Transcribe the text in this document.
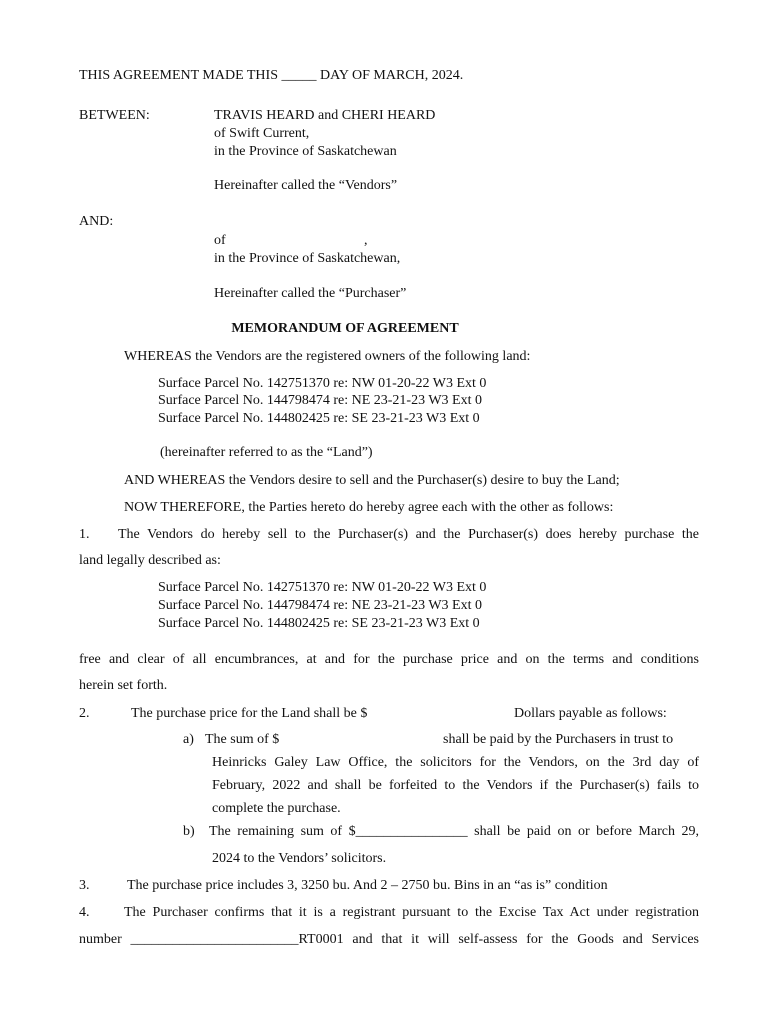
THIS AGREEMENT MADE THIS _____ DAY OF MARCH, 2024.
BETWEEN:	TRAVIS HEARD and CHERI HEARD
of Swift Current,
in the Province of Saskatchewan
Hereinafter called the “Vendors”
AND:
of	,
in the Province of Saskatchewan,
Hereinafter called the “Purchaser”
MEMORANDUM OF AGREEMENT
WHEREAS the Vendors are the registered owners of the following land:
Surface Parcel No. 142751370 re: NW 01-20-22 W3 Ext 0
Surface Parcel No. 144798474 re: NE 23-21-23 W3 Ext 0
Surface Parcel No. 144802425 re: SE 23-21-23 W3 Ext 0
(hereinafter referred to as the “Land”)
AND WHEREAS the Vendors desire to sell and the Purchaser(s) desire to buy the Land;
NOW THEREFORE, the Parties hereto do hereby agree each with the other as follows:
1. The Vendors do hereby sell to the Purchaser(s) and the Purchaser(s) does hereby purchase the
land legally described as:
Surface Parcel No. 142751370 re: NW 01-20-22 W3 Ext 0
Surface Parcel No. 144798474 re: NE 23-21-23 W3 Ext 0
Surface Parcel No. 144802425 re: SE 23-21-23 W3 Ext 0
free and clear of all encumbrances, at and for the purchase price and on the terms and conditions
herein set forth.
2.	The purchase price for the Land shall be $	Dollars payable as follows:
a) The sum of $	shall be paid by the Purchasers in trust to
Heinricks Galey Law Office, the solicitors for the Vendors, on the 3rd day of
February, 2022 and shall be forfeited to the Vendors if the Purchaser(s) fails to
complete the purchase.
b) The remaining sum of $________________ shall be paid on or before March 29,
2024 to the Vendors’ solicitors.
3.	The purchase price includes 3, 3250 bu. And 2 – 2750 bu. Bins in an “as is” condition
4. The Purchaser confirms that it is a registrant pursuant to the Excise Tax Act under registration
number ________________________RT0001 and that it will self-assess for the Goods and Services
